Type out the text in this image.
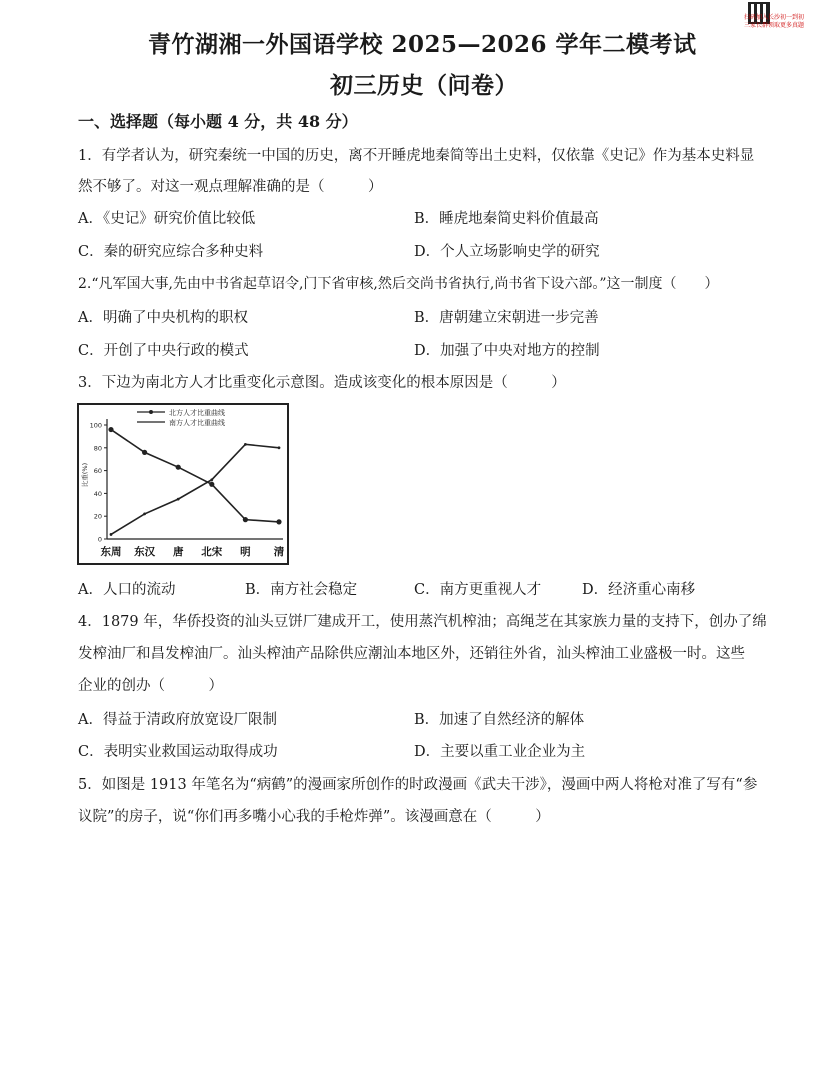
扫码加入长沙初一到初
三家长群领取更多真题
青竹湖湘一外国语学校 2025—2026 学年二模考试
初三历史（问卷）
一、选择题（每小题 4 分，共 48 分）
1．有学者认为，研究秦统一中国的历史，离不开睡虎地秦简等出土史料，仅依靠《史记》作为基本史料显
然不够了。对这一观点理解准确的是（　　　）
A．《史记》研究价值比较低	B．睡虎地秦简史料价值最高
C．秦的研究应综合多种史料	D．个人立场影响史学的研究
2.“凡军国大事,先由中书省起草诏令,门下省审核,然后交尚书省执行,尚书省下设六部。”这一制度（　　）
A．明确了中央机构的职权	B．唐朝建立宋朝进一步完善
C．开创了中央行政的模式	D．加强了中央对地方的控制
3．下边为南北方人才比重变化示意图。造成该变化的根本原因是（　　　）
北方人才比重曲线
南方人才比重曲线
100
80
60
40
20
0
比重(%)
东周 东汉 唐 北宋 明 清
A．人口的流动	B．南方社会稳定	C．南方更重视人才	D．经济重心南移
4．1879 年，华侨投资的汕头豆饼厂建成开工，使用蒸汽机榨油；高绳芝在其家族力量的支持下，创办了绵
发榨油厂和昌发榨油厂。汕头榨油产品除供应潮汕本地区外，还销往外省，汕头榨油工业盛极一时。这些
企业的创办（　　　）
A．得益于清政府放宽设厂限制	B．加速了自然经济的解体
C．表明实业救国运动取得成功	D．主要以重工业企业为主
5．如图是 1913 年笔名为“病鹤”的漫画家所创作的时政漫画《武夫干涉》，漫画中两人将枪对准了写有“参
议院”的房子，说“你们再多嘴小心我的手枪炸弹”。该漫画意在（　　　）
